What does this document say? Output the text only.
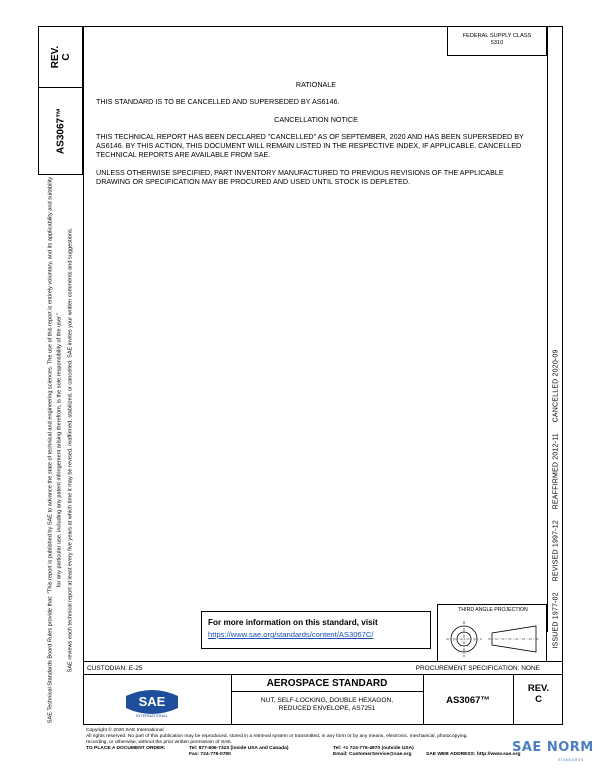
REV. C
AS3067™
SAE Technical Standards Board Rules provide that: "This report is published by SAE to advance the state of technical and engineering sciences. The use of this report is entirely voluntary, and its applicability and suitability for any particular use, including any patent infringement arising therefrom, is the sole responsibility of the user." SAE reviews each technical report at least every five years at which time it may be revised, reaffirmed, stabilized, or cancelled. SAE invites your written comments and suggestions.
FEDERAL SUPPLY CLASS
5310
ISSUED 1977-02     REVISED 1997-12     REAFFIRMED 2012-11     CANCELLED 2020-09

RATIONALE

THIS STANDARD IS TO BE CANCELLED AND SUPERSEDED BY AS6146.

CANCELLATION NOTICE

THIS TECHNICAL REPORT HAS BEEN DECLARED "CANCELLED" AS OF SEPTEMBER, 2020 AND HAS BEEN SUPERSEDED BY AS6146. BY THIS ACTION, THIS DOCUMENT WILL REMAIN LISTED IN THE RESPECTIVE INDEX, IF APPLICABLE. CANCELLED TECHNICAL REPORTS ARE AVAILABLE FROM SAE.

UNLESS OTHERWISE SPECIFIED, PART INVENTORY MANUFACTURED TO PREVIOUS REVISIONS OF THE APPLICABLE DRAWING OR SPECIFICATION MAY BE PROCURED AND USED UNTIL STOCK IS DEPLETED.

For more information on this standard, visit
https://www.sae.org/standards/content/AS3067C/
THIRD ANGLE PROJECTION
CUSTODIAN: E-25	PROCUREMENT SPECIFICATION: NONE
SAE
INTERNATIONAL
AEROSPACE STANDARD
NUT, SELF-LOCKING, DOUBLE HEXAGON,
REDUCED ENVELOPE, AS7251
AS3067™
REV.
C
Copyright © 2020 SAE International
All rights reserved. No part of this publication may be reproduced, stored in a retrieval system or transmitted, in any form or by any means, electronic, mechanical, photocopying,
recording, or otherwise, without the prior written permission of SAE.
TO PLACE A DOCUMENT ORDER:	Tel: 877-606-7323 (inside USA and Canada)	Tel: +1 724-776-4970 (outside USA)
Fax: 724-776-0790	Email: CustomerService@sae.org	SAE WEB ADDRESS: http://www.sae.org
SAE NORM
STANDARDS
